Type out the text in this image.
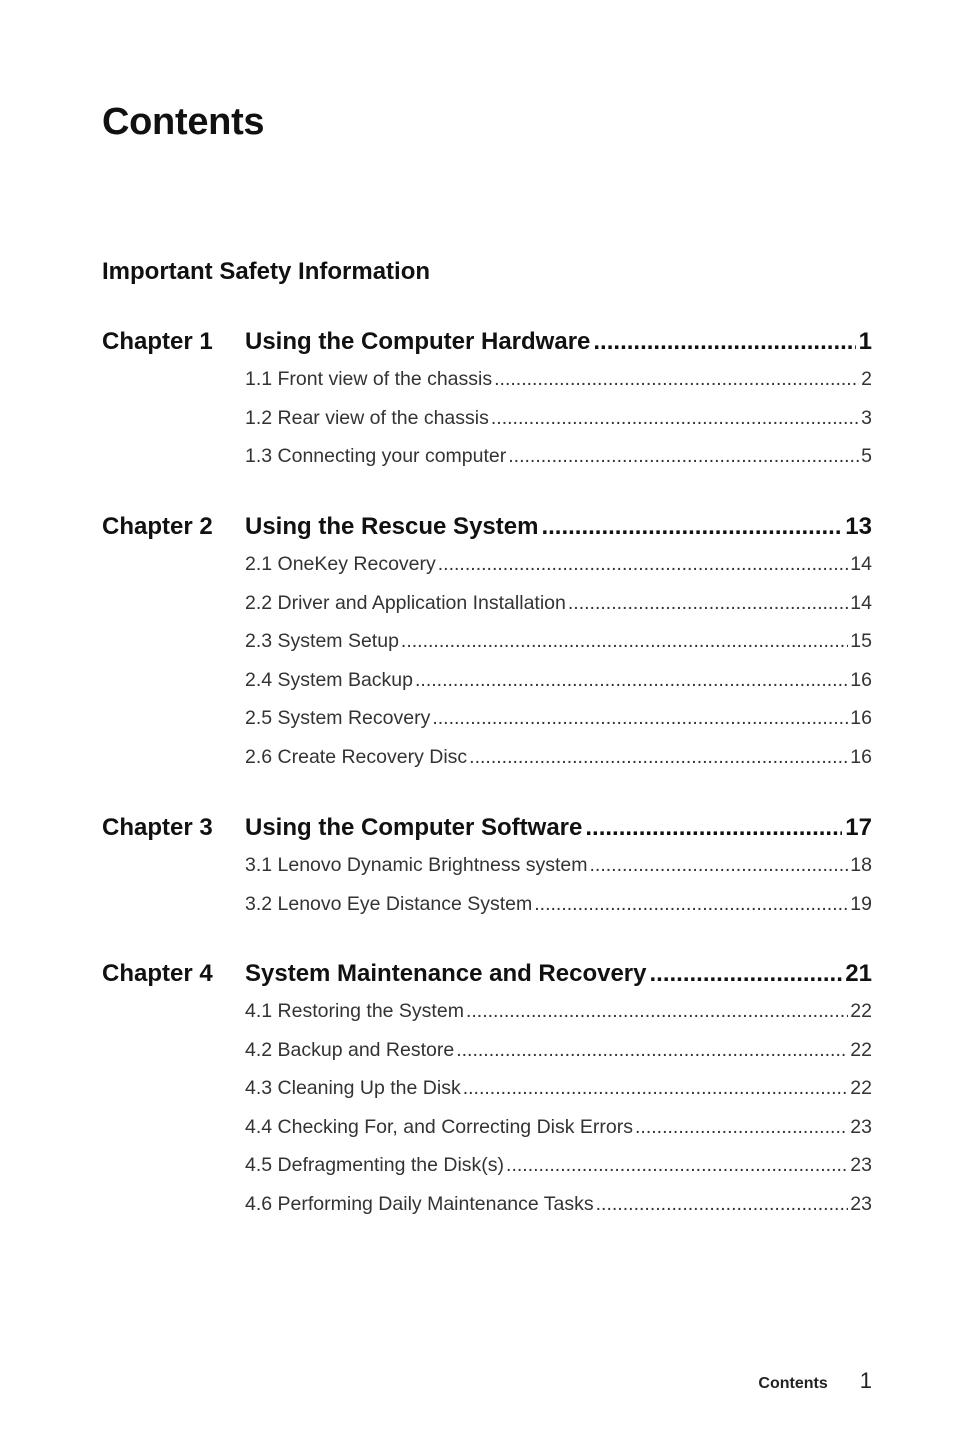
Contents
Important Safety Information
Chapter 1	Using the Computer Hardware .....	1
1.1 Front view of the chassis .....	2
1.2 Rear view of the chassis .....	3
1.3 Connecting your computer .....	5
Chapter 2	Using the Rescue System .....	13
2.1 OneKey Recovery .....	14
2.2 Driver and Application Installation .....	14
2.3 System Setup .....	15
2.4 System Backup .....	16
2.5 System Recovery .....	16
2.6 Create Recovery Disc .....	16
Chapter 3	Using the Computer Software .....	17
3.1 Lenovo Dynamic Brightness system .....	18
3.2 Lenovo Eye Distance System .....	19
Chapter 4	System Maintenance and Recovery .....	21
4.1 Restoring the System .....	22
4.2 Backup and Restore .....	22
4.3 Cleaning Up the Disk .....	22
4.4 Checking For, and Correcting Disk Errors .....	23
4.5 Defragmenting the Disk(s) .....	23
4.6 Performing Daily Maintenance Tasks .....	23
Contents 1
